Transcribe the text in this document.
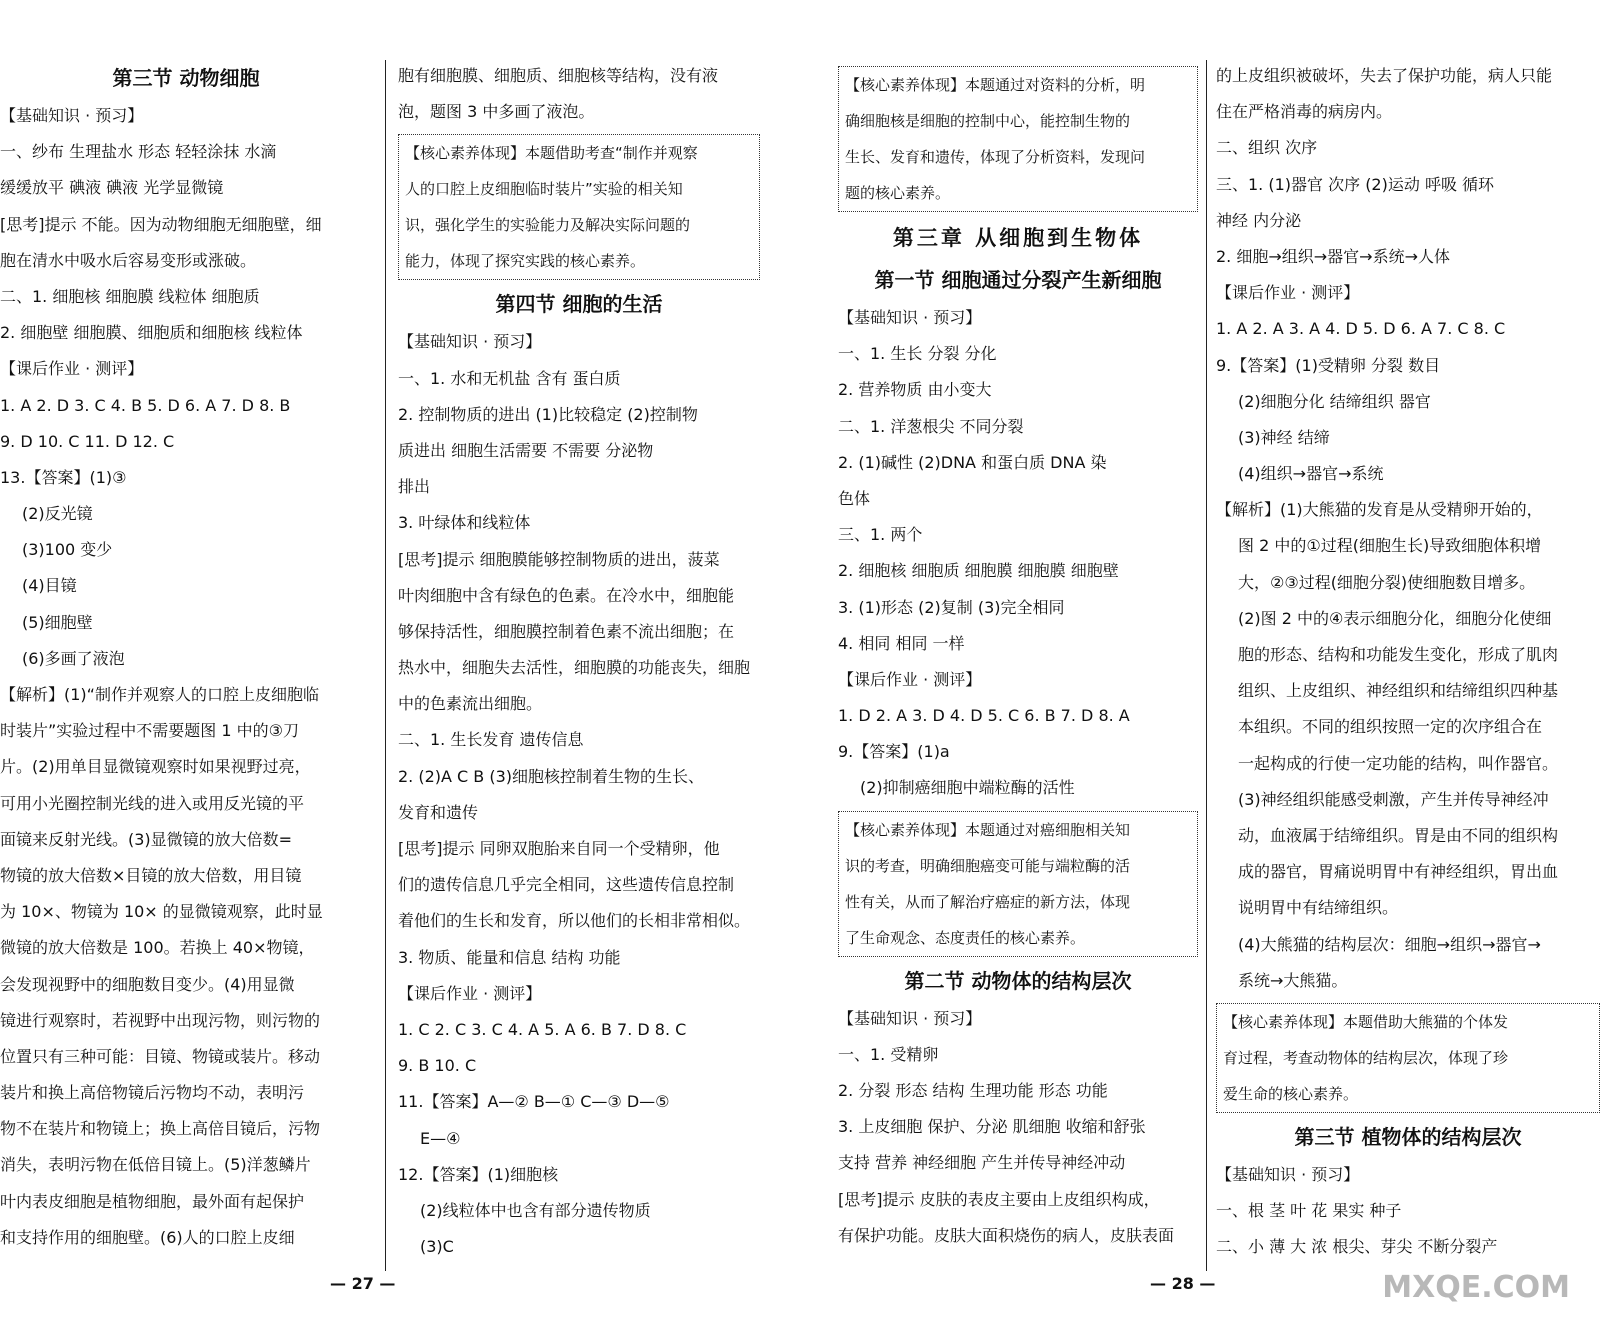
第三节 动物细胞
【基础知识 · 预习】
一、纱布 生理盐水 形态 轻轻涂抹 水滴
缓缓放平 碘液 碘液 光学显微镜
[思考]提示 不能。因为动物细胞无细胞壁，细
胞在清水中吸水后容易变形或涨破。
二、1. 细胞核 细胞膜 线粒体 细胞质
2. 细胞壁 细胞膜、细胞质和细胞核 线粒体
【课后作业 · 测评】
1. A 2. D 3. C 4. B 5. D 6. A 7. D 8. B
9. D 10. C 11. D 12. C
13.【答案】(1)③
(2)反光镜
(3)100 变少
(4)目镜
(5)细胞壁
(6)多画了液泡
【解析】(1)“制作并观察人的口腔上皮细胞临
时装片”实验过程中不需要题图 1 中的③刀
片。(2)用单目显微镜观察时如果视野过亮，
可用小光圈控制光线的进入或用反光镜的平
面镜来反射光线。(3)显微镜的放大倍数=
物镜的放大倍数×目镜的放大倍数，用目镜
为 10×、物镜为 10× 的显微镜观察，此时显
微镜的放大倍数是 100。若换上 40×物镜，
会发现视野中的细胞数目变少。(4)用显微
镜进行观察时，若视野中出现污物，则污物的
位置只有三种可能：目镜、物镜或装片。移动
装片和换上高倍物镜后污物均不动，表明污
物不在装片和物镜上；换上高倍目镜后，污物
消失，表明污物在低倍目镜上。(5)洋葱鳞片
叶内表皮细胞是植物细胞，最外面有起保护
和支持作用的细胞壁。(6)人的口腔上皮细
胞有细胞膜、细胞质、细胞核等结构，没有液
泡，题图 3 中多画了液泡。
【核心素养体现】本题借助考查“制作并观察
人的口腔上皮细胞临时装片”实验的相关知
识，强化学生的实验能力及解决实际问题的
能力，体现了探究实践的核心素养。
第四节 细胞的生活
【基础知识 · 预习】
一、1. 水和无机盐 含有 蛋白质
2. 控制物质的进出 (1)比较稳定 (2)控制物
质进出 细胞生活需要 不需要 分泌物
排出
3. 叶绿体和线粒体
[思考]提示 细胞膜能够控制物质的进出，菠菜
叶肉细胞中含有绿色的色素。在冷水中，细胞能
够保持活性，细胞膜控制着色素不流出细胞；在
热水中，细胞失去活性，细胞膜的功能丧失，细胞
中的色素流出细胞。
二、1. 生长发育 遗传信息
2. (2)A C B (3)细胞核控制着生物的生长、
发育和遗传
[思考]提示 同卵双胞胎来自同一个受精卵，他
们的遗传信息几乎完全相同，这些遗传信息控制
着他们的生长和发育，所以他们的长相非常相似。
3. 物质、能量和信息 结构 功能
【课后作业 · 测评】
1. C 2. C 3. C 4. A 5. A 6. B 7. D 8. C
9. B 10. C
11.【答案】A—② B—① C—③ D—⑤
E—④
12.【答案】(1)细胞核
(2)线粒体中也含有部分遗传物质
(3)C
【核心素养体现】本题通过对资料的分析，明
确细胞核是细胞的控制中心，能控制生物的
生长、发育和遗传，体现了分析资料，发现问
题的核心素养。
第三章 从细胞到生物体
第一节 细胞通过分裂产生新细胞
【基础知识 · 预习】
一、1. 生长 分裂 分化
2. 营养物质 由小变大
二、1. 洋葱根尖 不同分裂
2. (1)碱性 (2)DNA 和蛋白质 DNA 染
色体
三、1. 两个
2. 细胞核 细胞质 细胞膜 细胞膜 细胞壁
3. (1)形态 (2)复制 (3)完全相同
4. 相同 相同 一样
【课后作业 · 测评】
1. D 2. A 3. D 4. D 5. C 6. B 7. D 8. A
9.【答案】(1)a
(2)抑制癌细胞中端粒酶的活性
【核心素养体现】本题通过对癌细胞相关知
识的考查，明确细胞癌变可能与端粒酶的活
性有关，从而了解治疗癌症的新方法，体现
了生命观念、态度责任的核心素养。
第二节 动物体的结构层次
【基础知识 · 预习】
一、1. 受精卵
2. 分裂 形态 结构 生理功能 形态 功能
3. 上皮细胞 保护、分泌 肌细胞 收缩和舒张
支持 营养 神经细胞 产生并传导神经冲动
[思考]提示 皮肤的表皮主要由上皮组织构成，
有保护功能。皮肤大面积烧伤的病人，皮肤表面
的上皮组织被破坏，失去了保护功能，病人只能
住在严格消毒的病房内。
二、组织 次序
三、1. (1)器官 次序 (2)运动 呼吸 循环
神经 内分泌
2. 细胞→组织→器官→系统→人体
【课后作业 · 测评】
1. A 2. A 3. A 4. D 5. D 6. A 7. C 8. C
9.【答案】(1)受精卵 分裂 数目
(2)细胞分化 结缔组织 器官
(3)神经 结缔
(4)组织→器官→系统
【解析】(1)大熊猫的发育是从受精卵开始的，
图 2 中的①过程(细胞生长)导致细胞体积增
大，②③过程(细胞分裂)使细胞数目增多。
(2)图 2 中的④表示细胞分化，细胞分化使细
胞的形态、结构和功能发生变化，形成了肌肉
组织、上皮组织、神经组织和结缔组织四种基
本组织。不同的组织按照一定的次序组合在
一起构成的行使一定功能的结构，叫作器官。
(3)神经组织能感受刺激，产生并传导神经冲
动，血液属于结缔组织。胃是由不同的组织构
成的器官，胃痛说明胃中有神经组织，胃出血
说明胃中有结缔组织。
(4)大熊猫的结构层次：细胞→组织→器官→
系统→大熊猫。
【核心素养体现】本题借助大熊猫的个体发
育过程，考查动物体的结构层次，体现了珍
爱生命的核心素养。
第三节 植物体的结构层次
【基础知识 · 预习】
一、根 茎 叶 花 果实 种子
二、小 薄 大 浓 根尖、芽尖 不断分裂产
— 27 —	— 28 —	MXQE.COM
